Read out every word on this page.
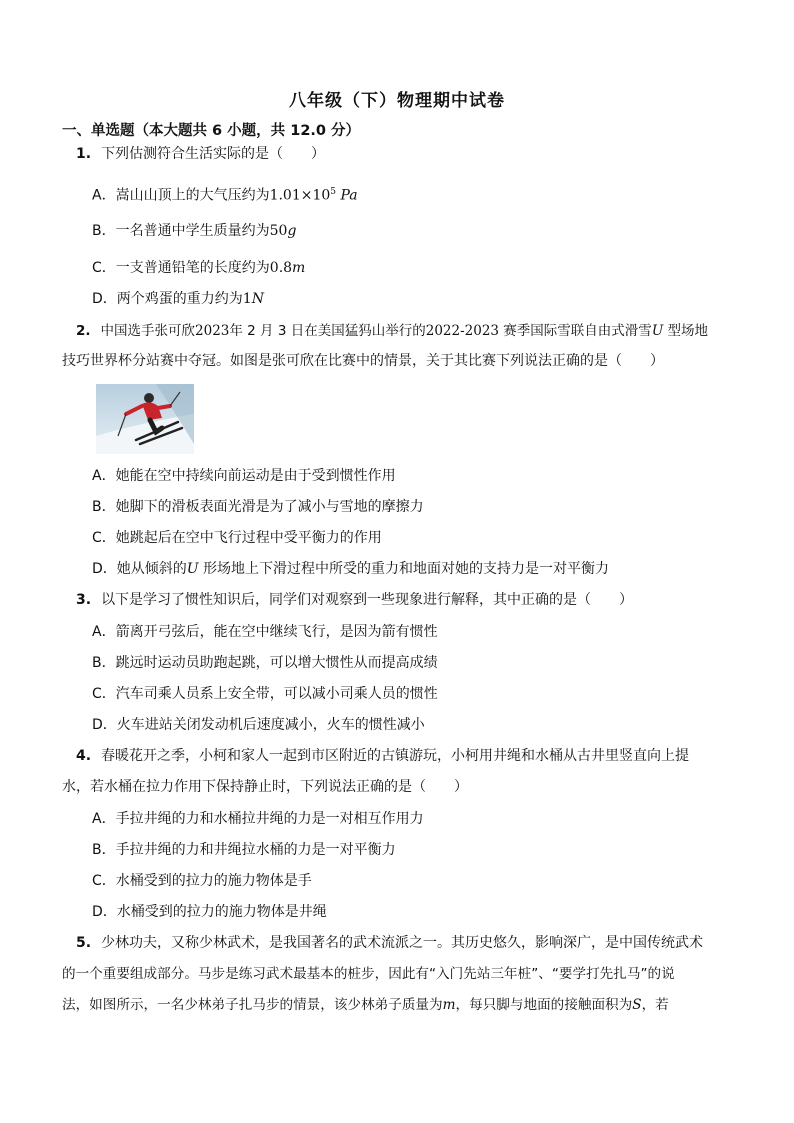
八年级（下）物理期中试卷
一、单选题（本大题共 6 小题，共 12.0 分）
1. 下列估测符合生活实际的是（　　）
A．嵩山山顶上的大气压约为$1.01\times 10^5$ Pa
B．一名普通中学生质量约为50g
C．一支普通铅笔的长度约为0.8m
D．两个鸡蛋的重力约为1N
2. 中国选手张可欣2023年 2 月 3 日在美国猛犸山举行的2022-2023 赛季国际雪联自由式滑雪U 型场地
技巧世界杯分站赛中夺冠。如图是张可欣在比赛中的情景，关于其比赛下列说法正确的是（　　）
A．她能在空中持续向前运动是由于受到惯性作用
B．她脚下的滑板表面光滑是为了减小与雪地的摩擦力
C．她跳起后在空中飞行过程中受平衡力的作用
D．她从倾斜的U 形场地上下滑过程中所受的重力和地面对她的支持力是一对平衡力
3. 以下是学习了惯性知识后，同学们对观察到一些现象进行解释，其中正确的是（　　）
A．箭离开弓弦后，能在空中继续飞行，是因为箭有惯性
B．跳远时运动员助跑起跳，可以增大惯性从而提高成绩
C．汽车司乘人员系上安全带，可以减小司乘人员的惯性
D．火车进站关闭发动机后速度减小，火车的惯性减小
4. 春暖花开之季，小柯和家人一起到市区附近的古镇游玩，小柯用井绳和水桶从古井里竖直向上提
水，若水桶在拉力作用下保持静止时，下列说法正确的是（　　）
A．手拉井绳的力和水桶拉井绳的力是一对相互作用力
B．手拉井绳的力和井绳拉水桶的力是一对平衡力
C．水桶受到的拉力的施力物体是手
D．水桶受到的拉力的施力物体是井绳
5. 少林功夫，又称少林武术，是我国著名的武术流派之一。其历史悠久，影响深广，是中国传统武术
的一个重要组成部分。马步是练习武术最基本的桩步，因此有“入门先站三年桩”、“要学打先扎马”的说
法，如图所示，一名少林弟子扎马步的情景，该少林弟子质量为m，每只脚与地面的接触面积为S，若
